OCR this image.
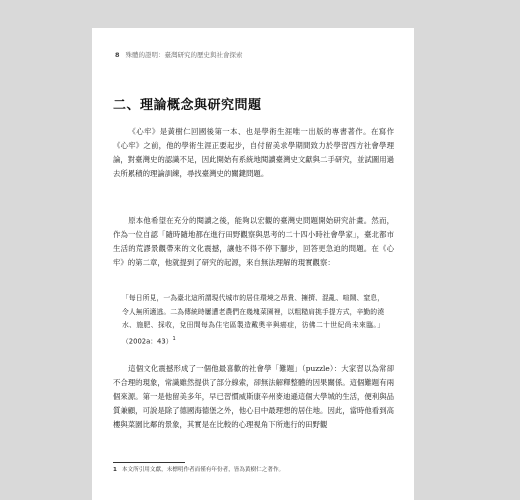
8 殊體的證明：臺灣研究的歷史與社會探索
二、理論概念與研究問題

《心牢》是黃樹仁回國後第一本、也是學術生涯唯一出版的專書著作。在寫作《心牢》之前，他的學術生涯正要起步，自付留美求學期間致力於學習西方社會學理論，對臺灣史的認識不足，因此開始有系統地閱讀臺灣史文獻與二手研究，並試圖用過去所累積的理論訓練，尋找臺灣史的關鍵問題。

原本他希望在充分的閱讀之後，能夠以宏觀的臺灣史問題開始研究計畫。然而，作為一位自認「隨時隨地都在進行田野觀察與思考的二十四小時社會學家」，臺北都市生活的荒謬景觀帶來的文化震撼，讓他不得不停下腳步，回答更急迫的問題。在《心牢》的第二章，他就提到了研究的起源，來自無法理解的現實觀察：

「每日所見，一為臺北這所謂現代城市的居住環境之昂貴、擁擠、混亂、喧鬧、窒息，令人無所適逃。二為傳統時屢遭老農們在幾塊菜園裡，以粗糙肩挑手提方式，辛勤的澆水、施肥、採收，兌田間每為住宅區製造戴奧辛與癌症，彷佛二十世紀尚未來臨。」（2002a：43）$^1$

這個文化震撼形成了一個他最喜歡的社會學「難題」（puzzle）：大家習以為常卻不合理的現象，常識雖然提供了部分線索，卻無法解釋整體的因果關係。這個難題有兩個來源。第一是他留美多年，早已習慣威斯康辛州麥迪遜這個大學城的生活，便利與品質兼顧，可說是除了德國海德堡之外，他心目中最理想的居住地。因此，當時他看到高樓與菜園比鄰的景象，其實是在比較的心理視角下所進行的田野觀

1 本文所引用文獻，未標明作者而僅有年份者，皆為黃樹仁之著作。
